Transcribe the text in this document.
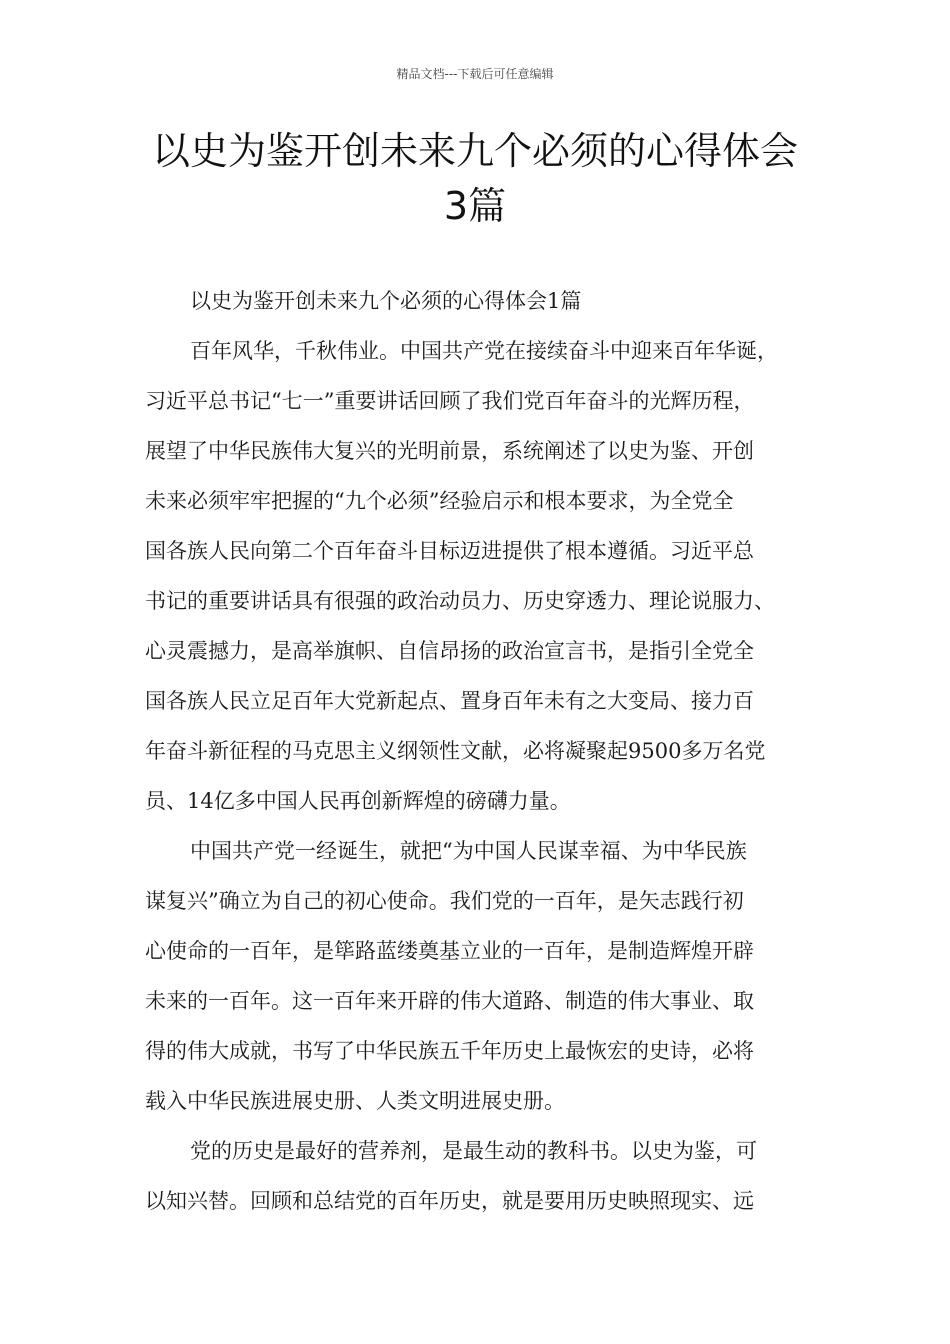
精品文档---下载后可任意编辑
以史为鉴开创未来九个必须的心得体会
3篇

以史为鉴开创未来九个必须的心得体会1篇

百年风华，千秋伟业。中国共产党在接续奋斗中迎来百年华诞，
习近平总书记“七一”重要讲话回顾了我们党百年奋斗的光辉历程，
展望了中华民族伟大复兴的光明前景，系统阐述了以史为鉴、开创
未来必须牢牢把握的“九个必须”经验启示和根本要求，为全党全
国各族人民向第二个百年奋斗目标迈进提供了根本遵循。习近平总
书记的重要讲话具有很强的政治动员力、历史穿透力、理论说服力、
心灵震撼力，是高举旗帜、自信昂扬的政治宣言书，是指引全党全
国各族人民立足百年大党新起点、置身百年未有之大变局、接力百
年奋斗新征程的马克思主义纲领性文献，必将凝聚起9500多万名党
员、14亿多中国人民再创新辉煌的磅礴力量。

中国共产党一经诞生，就把“为中国人民谋幸福、为中华民族
谋复兴”确立为自己的初心使命。我们党的一百年，是矢志践行初
心使命的一百年，是筚路蓝缕奠基立业的一百年，是制造辉煌开辟
未来的一百年。这一百年来开辟的伟大道路、制造的伟大事业、取
得的伟大成就，书写了中华民族五千年历史上最恢宏的史诗，必将
载入中华民族进展史册、人类文明进展史册。

党的历史是最好的营养剂，是最生动的教科书。以史为鉴，可
以知兴替。回顾和总结党的百年历史，就是要用历史映照现实、远
